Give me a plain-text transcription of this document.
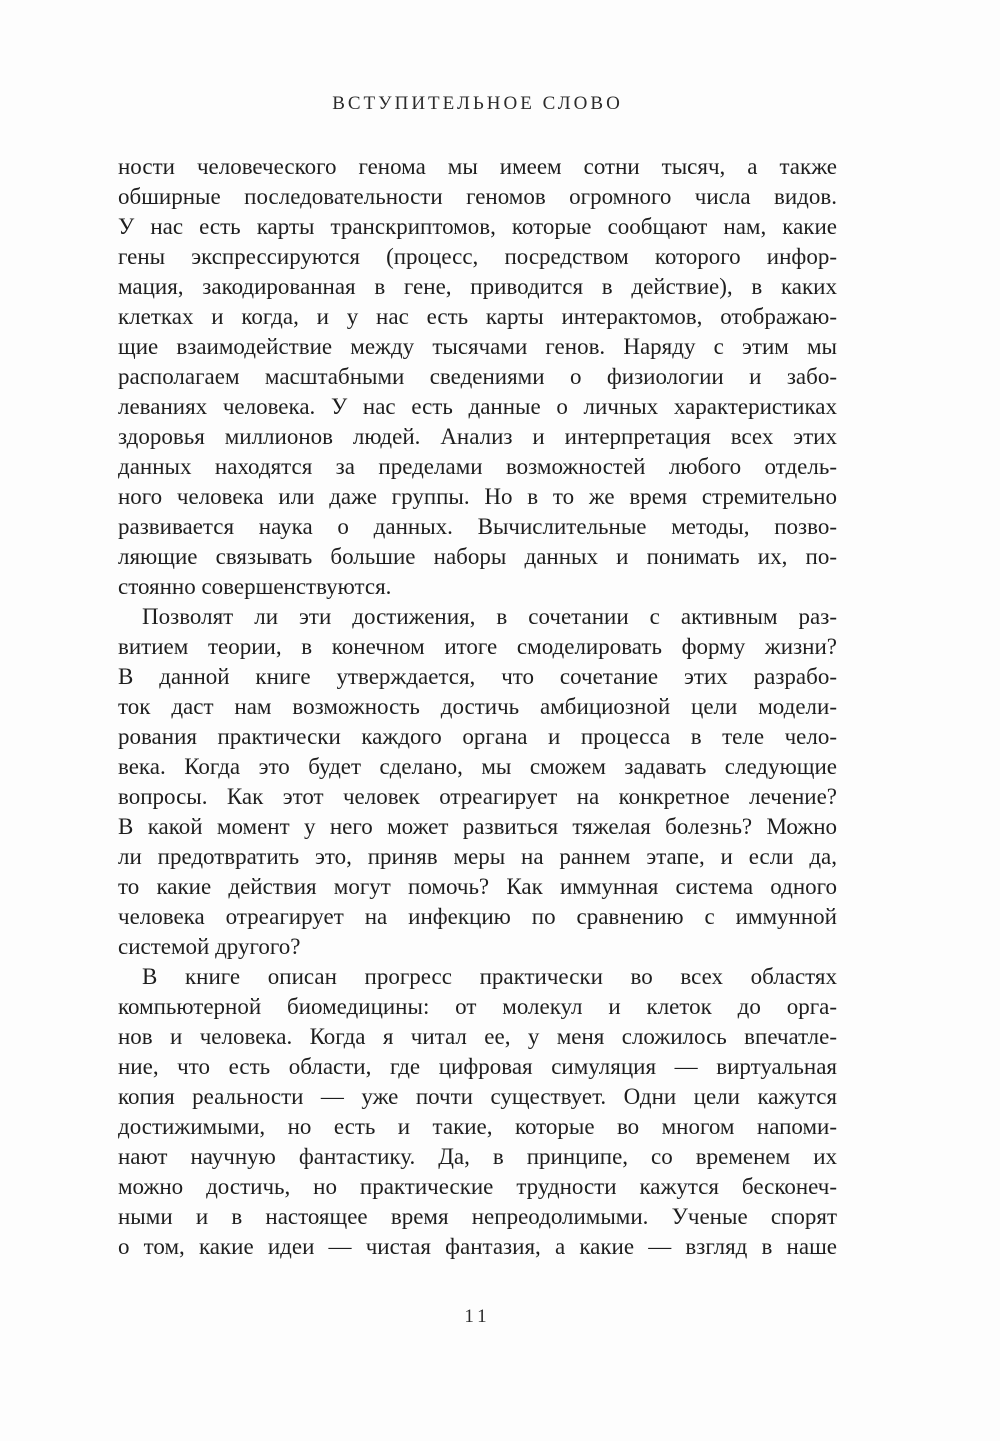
ВСТУПИТЕЛЬНОЕ СЛОВО
ности человеческого генома мы имеем сотни тысяч, а также
обширные последовательности геномов огромного числа видов.
У нас есть карты транскриптомов, которые сообщают нам, какие
гены экспрессируются (процесс, посредством которого инфор-
мация, закодированная в гене, приводится в действие), в каких
клетках и когда, и у нас есть карты интерактомов, отображаю-
щие взаимодействие между тысячами генов. Наряду с этим мы
располагаем масштабными сведениями о физиологии и забо-
леваниях человека. У нас есть данные о личных характеристиках
здоровья миллионов людей. Анализ и интерпретация всех этих
данных находятся за пределами возможностей любого отдель-
ного человека или даже группы. Но в то же время стремительно
развивается наука о данных. Вычислительные методы, позво-
ляющие связывать большие наборы данных и понимать их, по-
стоянно совершенствуются.
Позволят ли эти достижения, в сочетании с активным раз-
витием теории, в конечном итоге смоделировать форму жизни?
В данной книге утверждается, что сочетание этих разрабо-
ток даст нам возможность достичь амбициозной цели модели-
рования практически каждого органа и процесса в теле чело-
века. Когда это будет сделано, мы сможем задавать следующие
вопросы. Как этот человек отреагирует на конкретное лечение?
В какой момент у него может развиться тяжелая болезнь? Можно
ли предотвратить это, приняв меры на раннем этапе, и если да,
то какие действия могут помочь? Как иммунная система одного
человека отреагирует на инфекцию по сравнению с иммунной
системой другого?
В книге описан прогресс практически во всех областях
компьютерной биомедицины: от молекул и клеток до орга-
нов и человека. Когда я читал ее, у меня сложилось впечатле-
ние, что есть области, где цифровая симуляция — виртуальная
копия реальности — уже почти существует. Одни цели кажутся
достижимыми, но есть и такие, которые во многом напоми-
нают научную фантастику. Да, в принципе, со временем их
можно достичь, но практические трудности кажутся бесконеч-
ными и в настоящее время непреодолимыми. Ученые спорят
о том, какие идеи — чистая фантазия, а какие — взгляд в наше
11
